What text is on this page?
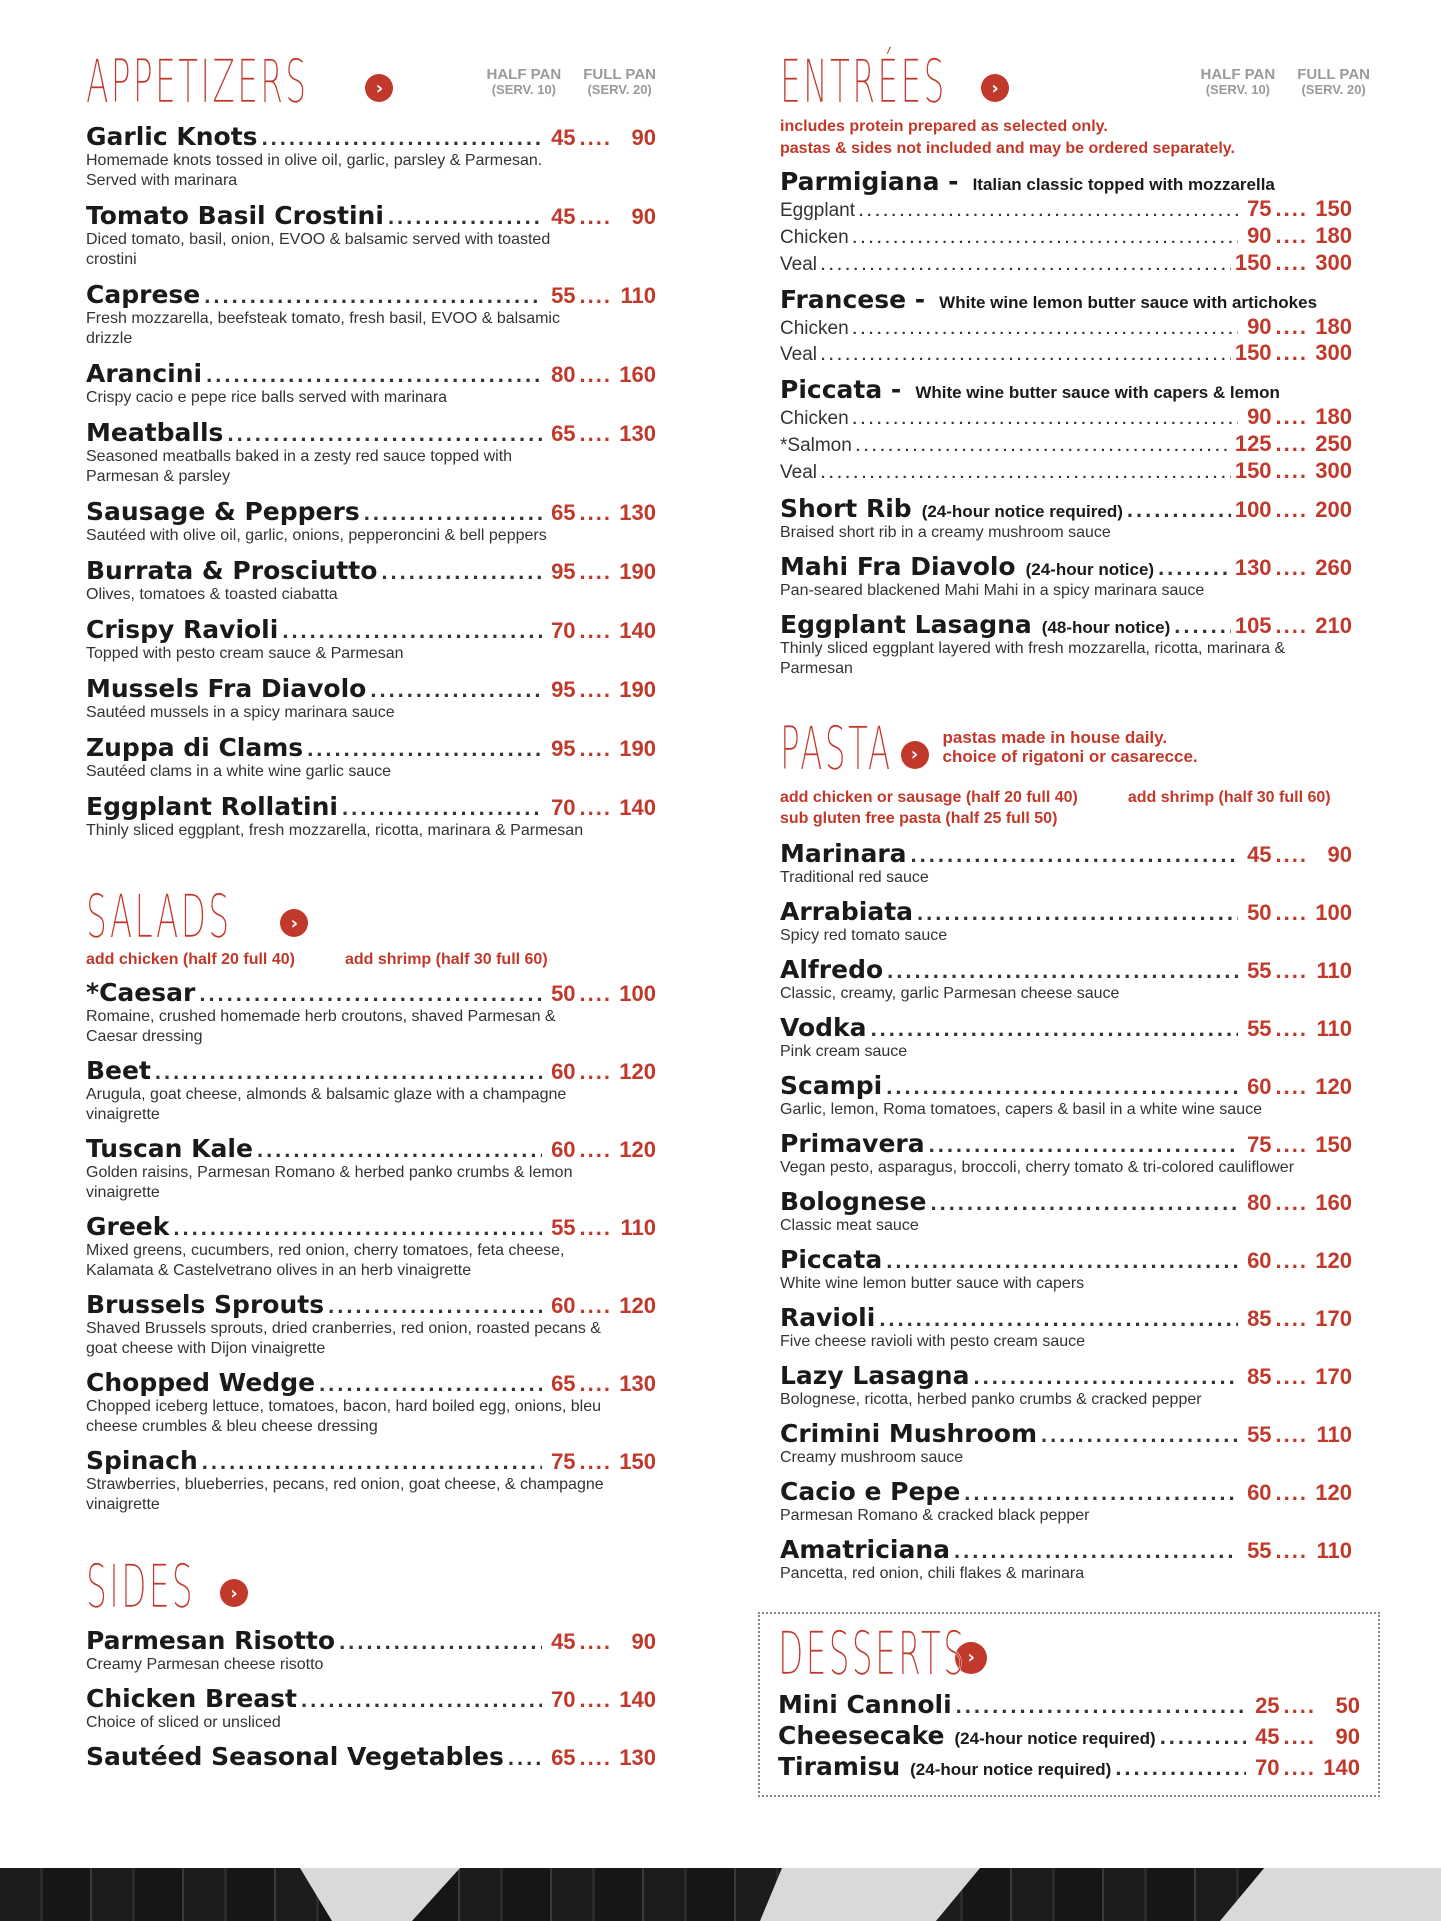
APPETIZERS	›
HALF PAN
(SERV. 10)
FULL PAN
(SERV. 20)
Garlic Knots .....	45 .... 90
Homemade knots tossed in olive oil, garlic, parsley & Parmesan. Served with marinara
Tomato Basil Crostini .....	45 .... 90
Diced tomato, basil, onion, EVOO & balsamic served with toasted crostini
Caprese .....	55 .... 110
Fresh mozzarella, beefsteak tomato, fresh basil, EVOO & balsamic drizzle
Arancini .....	80 .... 160
Crispy cacio e pepe rice balls served with marinara
Meatballs .....	65 .... 130
Seasoned meatballs baked in a zesty red sauce topped with Parmesan & parsley
Sausage & Peppers .....	65 .... 130
Sautéed with olive oil, garlic, onions, pepperoncini & bell peppers
Burrata & Prosciutto .....	95 .... 190
Olives, tomatoes & toasted ciabatta
Crispy Ravioli .....	70 .... 140
Topped with pesto cream sauce & Parmesan
Mussels Fra Diavolo .....	95 .... 190
Sautéed mussels in a spicy marinara sauce
Zuppa di Clams .....	95 .... 190
Sautéed clams in a white wine garlic sauce
Eggplant Rollatini .....	70 .... 140
Thinly sliced eggplant, fresh mozzarella, ricotta, marinara & Parmesan
SALADS	›
add chicken (half 20 full 40)	add shrimp (half 30 full 60)
*Caesar .....	50 .... 100
Romaine, crushed homemade herb croutons, shaved Parmesan & Caesar dressing
Beet .....	60 .... 120
Arugula, goat cheese, almonds & balsamic glaze with a champagne vinaigrette
Tuscan Kale .....	60 .... 120
Golden raisins, Parmesan Romano & herbed panko crumbs & lemon vinaigrette
Greek .....	55 .... 110
Mixed greens, cucumbers, red onion, cherry tomatoes, feta cheese, Kalamata & Castelvetrano olives in an herb vinaigrette
Brussels Sprouts .....	60 .... 120
Shaved Brussels sprouts, dried cranberries, red onion, roasted pecans & goat cheese with Dijon vinaigrette
Chopped Wedge .....	65 .... 130
Chopped iceberg lettuce, tomatoes, bacon, hard boiled egg, onions, bleu cheese crumbles & bleu cheese dressing
Spinach .....	75 .... 150
Strawberries, blueberries, pecans, red onion, goat cheese, & champagne vinaigrette
SIDES	›
Parmesan Risotto .....	45 .... 90
Creamy Parmesan cheese risotto
Chicken Breast .....	70 .... 140
Choice of sliced or unsliced
Sautéed Seasonal Vegetables ..... 65 .... 130
ENTRÉES	›
HALF PAN
(SERV. 10)
FULL PAN
(SERV. 20)
includes protein prepared as selected only.
pastas & sides not included and may be ordered separately.
Parmigiana - Italian classic topped with mozzarella
Eggplant .....	75 .... 150
Chicken .....	90 .... 180
Veal .....	150 .... 300
Francese - White wine lemon butter sauce with artichokes
Chicken .....	90 .... 180
Veal .....	150 .... 300
Piccata - White wine butter sauce with capers & lemon
Chicken .....	90 .... 180
*Salmon .....	125 .... 250
Veal .....	150 .... 300
Short Rib (24-hour notice required) .....	100 .... 200
Braised short rib in a creamy mushroom sauce
Mahi Fra Diavolo (24-hour notice) .....	130 .... 260
Pan-seared blackened Mahi Mahi in a spicy marinara sauce
Eggplant Lasagna (48-hour notice) .....	105 .... 210
Thinly sliced eggplant layered with fresh mozzarella, ricotta, marinara & Parmesan
PASTA	›
pastas made in house daily.
choice of rigatoni or casarecce.
add chicken or sausage (half 20 full 40)	add shrimp (half 30 full 60)
sub gluten free pasta (half 25 full 50)
Marinara .....	45 .... 90
Traditional red sauce
Arrabiata .....	50 .... 100
Spicy red tomato sauce
Alfredo .....	55 .... 110
Classic, creamy, garlic Parmesan cheese sauce
Vodka .....	55 .... 110
Pink cream sauce
Scampi .....	60 .... 120
Garlic, lemon, Roma tomatoes, capers & basil in a white wine sauce
Primavera .....	75 .... 150
Vegan pesto, asparagus, broccoli, cherry tomato & tri-colored cauliflower
Bolognese .....	80 .... 160
Classic meat sauce
Piccata .....	60 .... 120
White wine lemon butter sauce with capers
Ravioli .....	85 .... 170
Five cheese ravioli with pesto cream sauce
Lazy Lasagna .....	85 .... 170
Bolognese, ricotta, herbed panko crumbs & cracked pepper
Crimini Mushroom .....	55 .... 110
Creamy mushroom sauce
Cacio e Pepe .....	60 .... 120
Parmesan Romano & cracked black pepper
Amatriciana .....	55 .... 110
Pancetta, red onion, chili flakes & marinara
DESSERTS ›
Mini Cannoli .....	25 .... 50
Cheesecake (24-hour notice required) .....	45 .... 90
Tiramisu (24-hour notice required) .....	70 .... 140
